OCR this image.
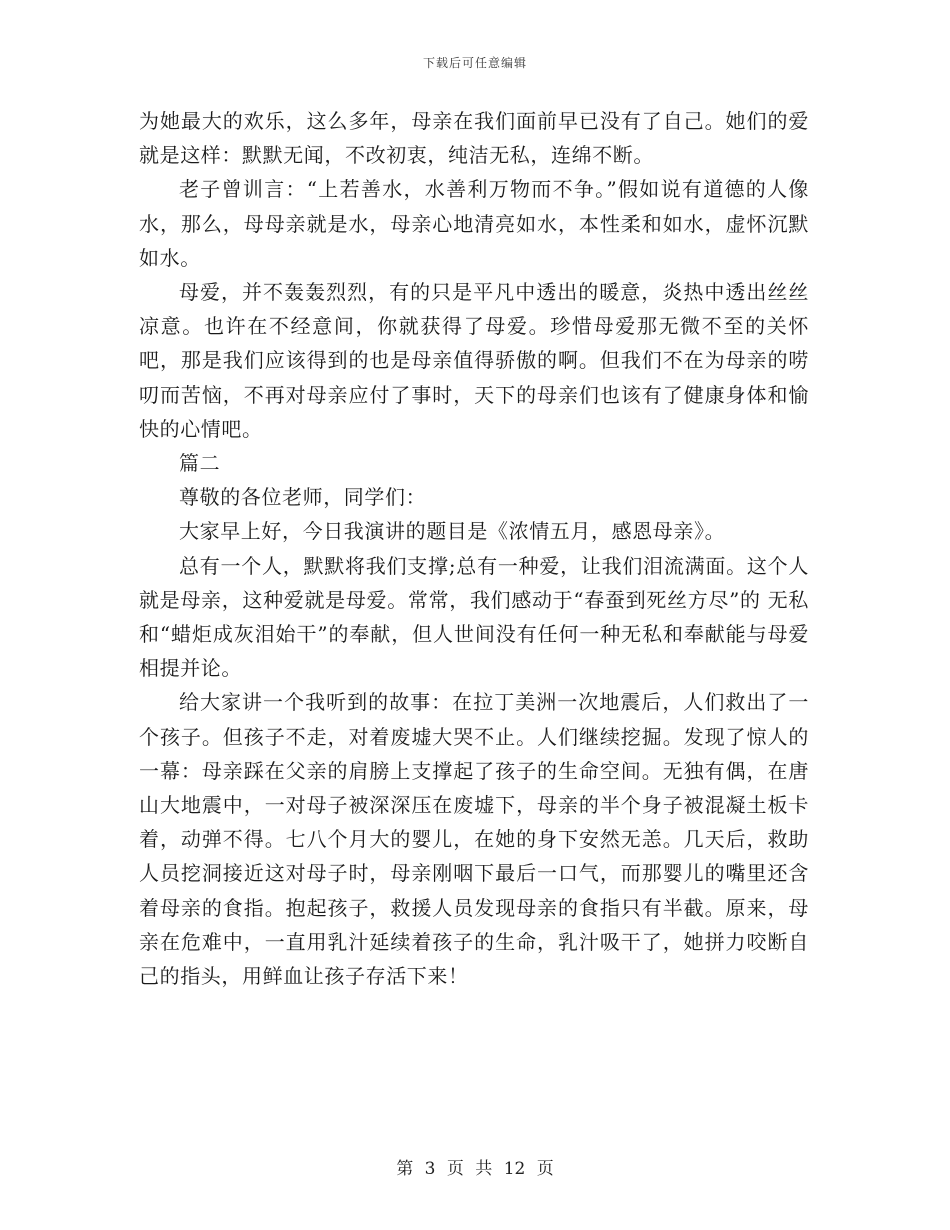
下载后可任意编辑

为她最大的欢乐，这么多年，母亲在我们面前早已没有了自己。她们的爱就是这样：默默无闻，不改初衷，纯洁无私，连绵不断。

老子曾训言：“上若善水，水善利万物而不争。”假如说有道德的人像水，那么，母母亲就是水，母亲心地清亮如水，本性柔和如水，虚怀沉默如水。

母爱，并不轰轰烈烈，有的只是平凡中透出的暖意，炎热中透出丝丝凉意。也许在不经意间，你就获得了母爱。珍惜母爱那无微不至的关怀吧，那是我们应该得到的也是母亲值得骄傲的啊。但我们不在为母亲的唠叨而苦恼，不再对母亲应付了事时，天下的母亲们也该有了健康身体和愉快的心情吧。

篇二

尊敬的各位老师，同学们：

大家早上好，今日我演讲的题目是《浓情五月，感恩母亲》。

总有一个人，默默将我们支撑;总有一种爱，让我们泪流满面。这个人就是母亲，这种爱就是母爱。常常，我们感动于“春蚕到死丝方尽”的 无私和“蜡炬成灰泪始干”的奉献，但人世间没有任何一种无私和奉献能与母爱相提并论。

给大家讲一个我听到的故事：在拉丁美洲一次地震后，人们救出了一个孩子。但孩子不走，对着废墟大哭不止。人们继续挖掘。发现了惊人的一幕：母亲踩在父亲的肩膀上支撑起了孩子的生命空间。无独有偶，在唐山大地震中，一对母子被深深压在废墟下，母亲的半个身子被混凝土板卡着，动弹不得。七八个月大的婴儿，在她的身下安然无恙。几天后，救助人员挖洞接近这对母子时，母亲刚咽下最后一口气，而那婴儿的嘴里还含着母亲的食指。抱起孩子，救援人员发现母亲的食指只有半截。原来，母亲在危难中，一直用乳汁延续着孩子的生命，乳汁吸干了，她拼力咬断自己的指头，用鲜血让孩子存活下来！

第 3 页 共 12 页
